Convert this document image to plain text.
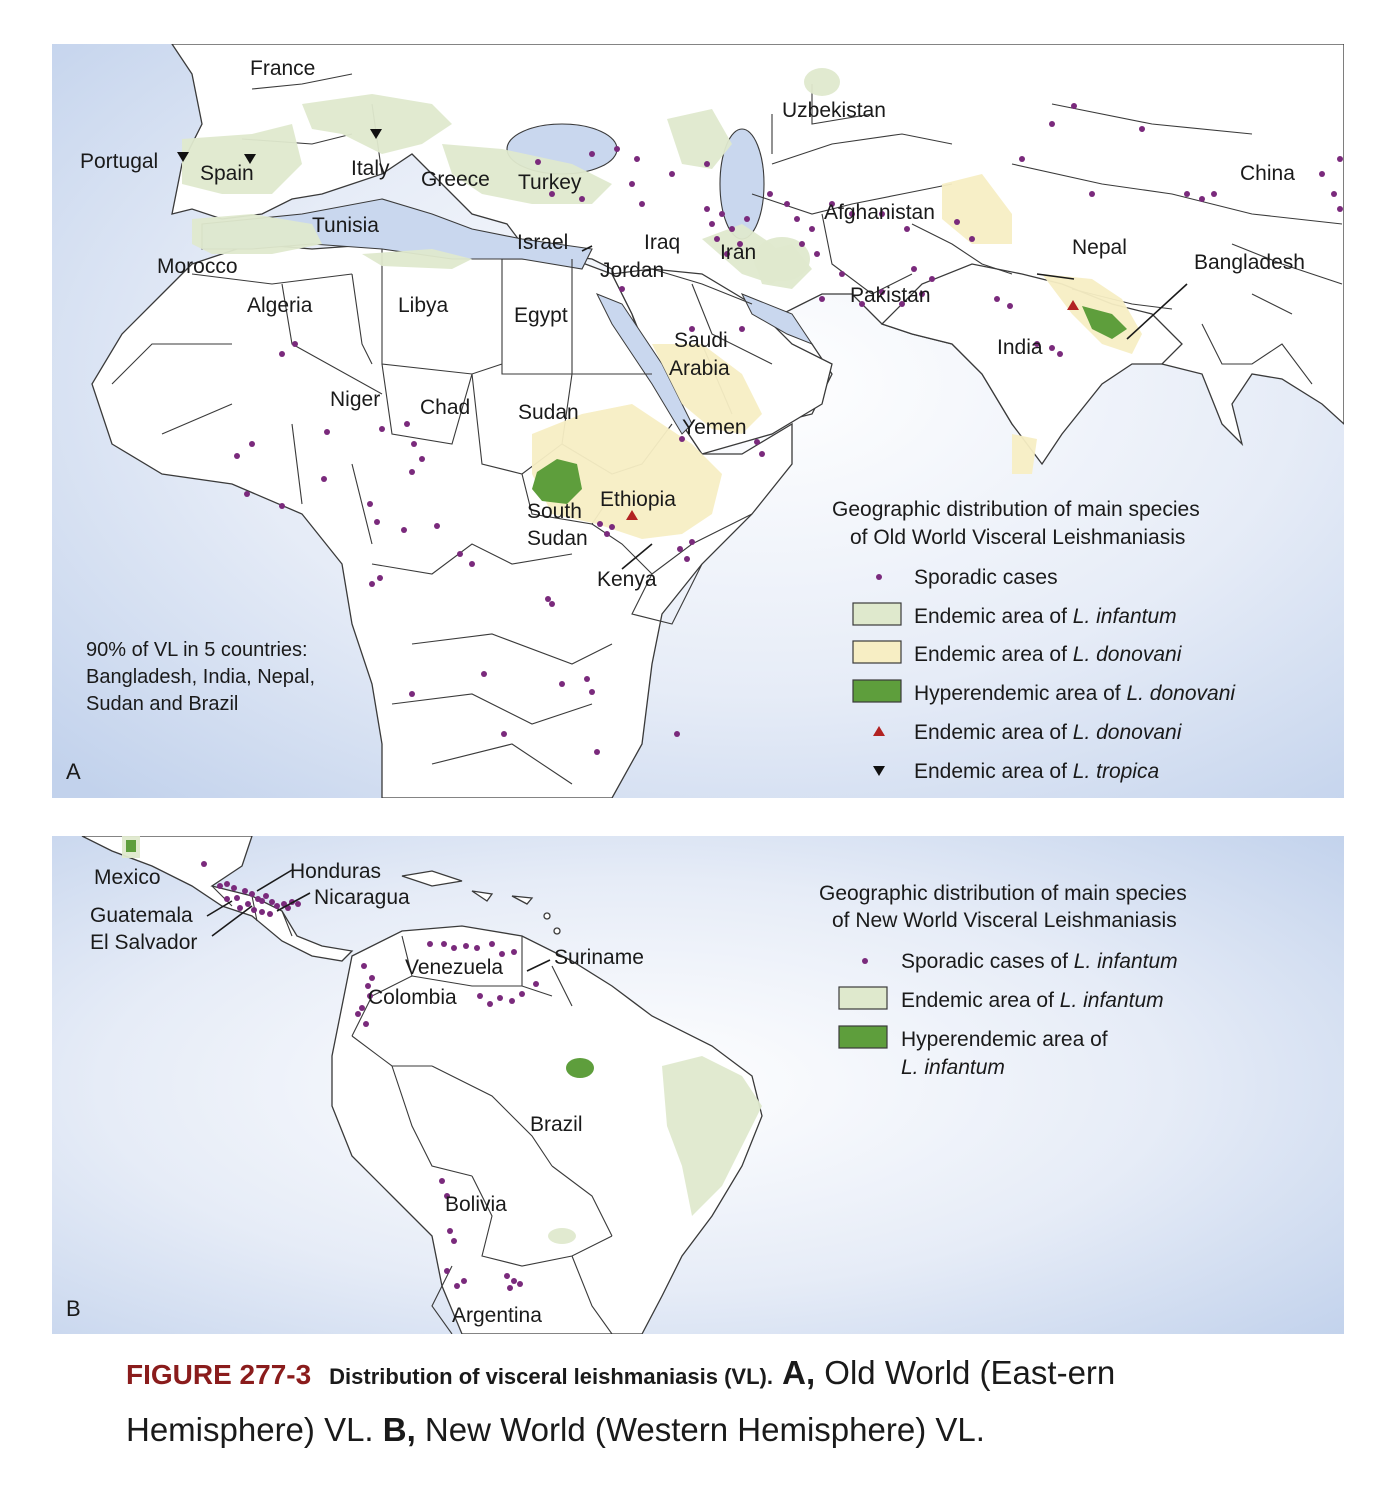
France
Portugal
Spain	Italy Greece Turkey
Uzbekistan
China
Tunisia
Afghanistan
Israel	Iraq Iran	Nepal
Bangladesh
Morocco	Jordan
Pakistan
Algeria	Libya	Egypt
Saudi
Arabia
India
Niger Chad Sudan
Yemen
Ethiopia
South
Sudan
Kenya
90% of VL in 5 countries:
Bangladesh, India, Nepal,
Sudan and Brazil
A
Geographic distribution of main species
of Old World Visceral Leishmaniasis
Sporadic cases
Endemic area of L. infantum
Endemic area of L. donovani
Hyperendemic area of L. donovani
Endemic area of L. donovani
Endemic area of L. tropica
Mexico	Honduras
Nicaragua
Guatemala
El Salvador
Venezuela Suriname
Colombia
Brazil
Bolivia
Argentina
B
Geographic distribution of main species
of New World Visceral Leishmaniasis
Sporadic cases of L. infantum
Endemic area of L. infantum
Hyperendemic area of
L. infantum
FIGURE 277-3 Distribution of visceral leishmaniasis (VL). A, Old World (East-ern Hemisphere) VL. B, New World (Western Hemisphere) VL.
